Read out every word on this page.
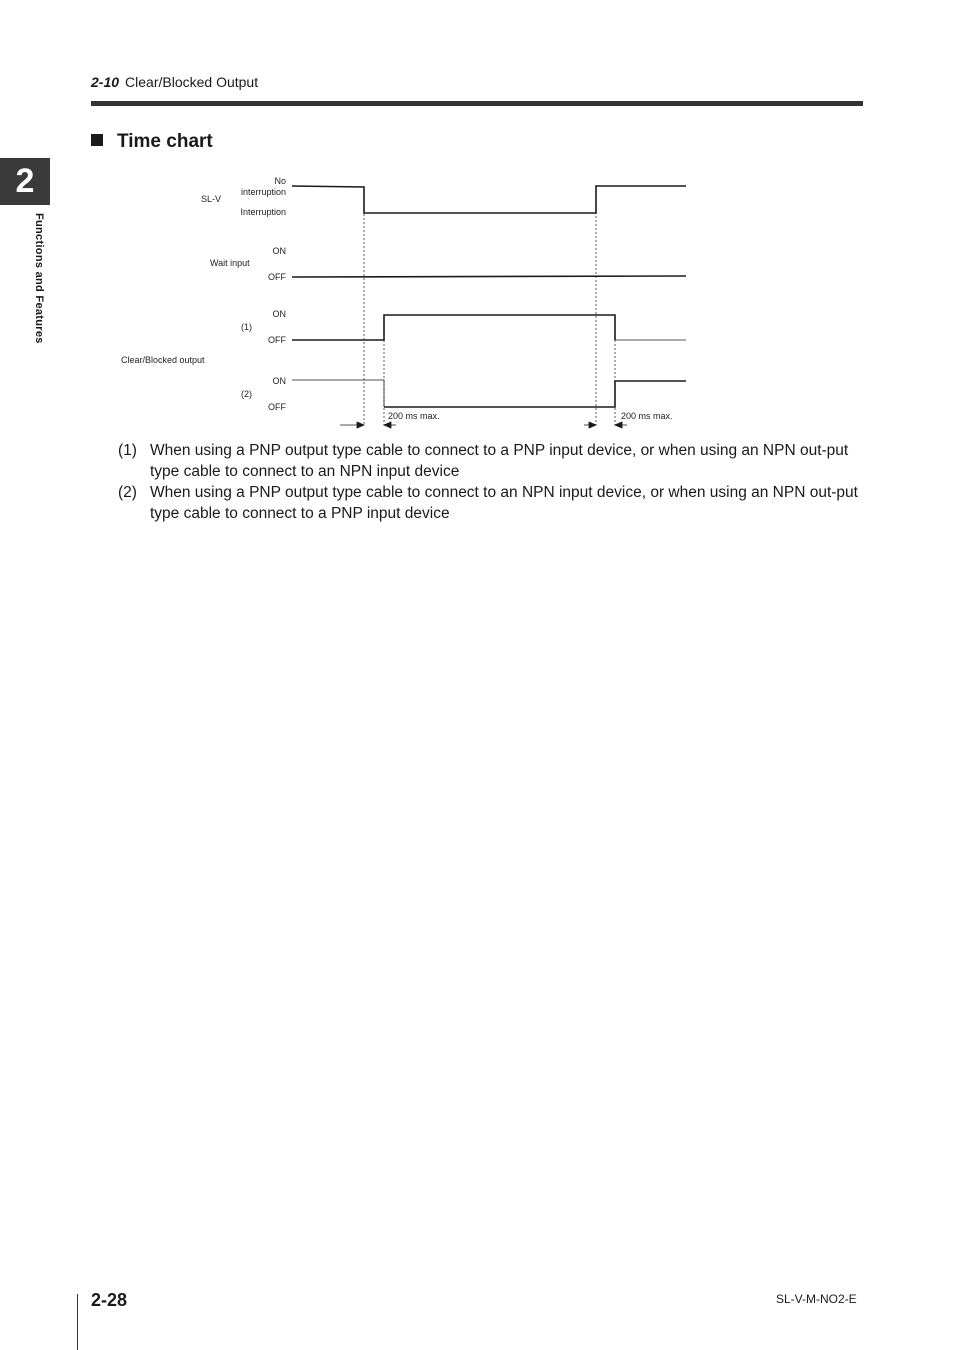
2-10 Clear/Blocked Output
2
Functions and Features
Time chart
No
interruption
SL-V
Interruption
ON
Wait input
OFF
ON
(1)
OFF
Clear/Blocked output
ON
(2)
OFF
200 ms max.	200 ms max.
(1) When using a PNP output type cable to connect to a PNP input device, or when using an NPN out-put type cable to connect to an NPN input device
(2) When using a PNP output type cable to connect to an NPN input device, or when using an NPN out-put type cable to connect to a PNP input device
2-28	SL-V-M-NO2-E
